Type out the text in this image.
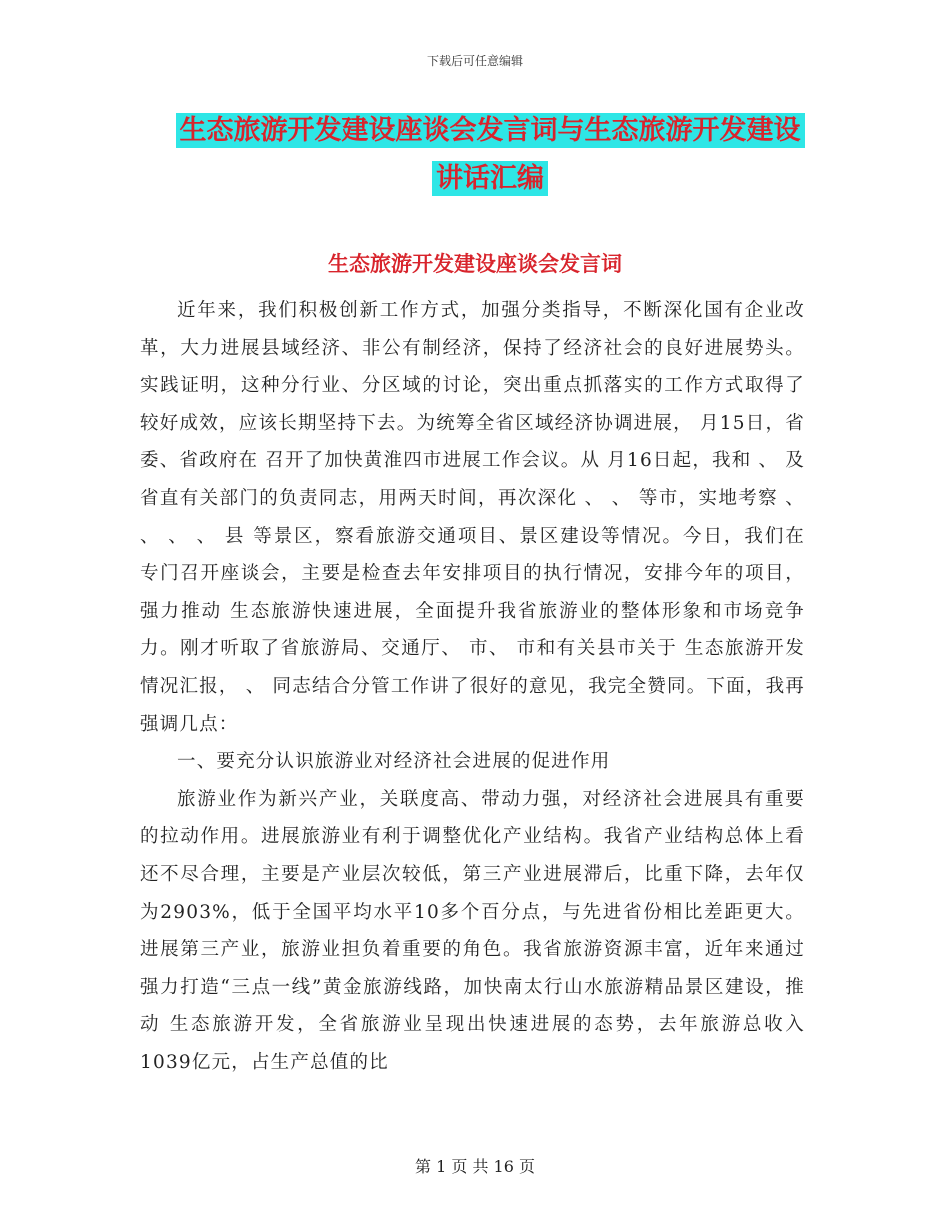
下载后可任意编辑
生态旅游开发建设座谈会发言词与生态旅游开发建设
讲话汇编
生态旅游开发建设座谈会发言词

近年来，我们积极创新工作方式，加强分类指导，不断深化国有企业改革，大力进展县域经济、非公有制经济，保持了经济社会的良好进展势头。实践证明，这种分行业、分区域的讨论，突出重点抓落实的工作方式取得了较好成效，应该长期坚持下去。为统筹全省区域经济协调进展， 月15日，省委、省政府在 召开了加快黄淮四市进展工作会议。从 月16日起，我和 、 及省直有关部门的负责同志，用两天时间，再次深化 、 、 等市，实地考察 、 、 、 、 县 等景区，察看旅游交通项目、景区建设等情况。今日，我们在 专门召开座谈会，主要是检查去年安排项目的执行情况，安排今年的项目，强力推动 生态旅游快速进展，全面提升我省旅游业的整体形象和市场竞争力。刚才听取了省旅游局、交通厅、 市、 市和有关县市关于 生态旅游开发情况汇报， 、 同志结合分管工作讲了很好的意见，我完全赞同。下面，我再强调几点：

一、要充分认识旅游业对经济社会进展的促进作用

旅游业作为新兴产业，关联度高、带动力强，对经济社会进展具有重要的拉动作用。进展旅游业有利于调整优化产业结构。我省产业结构总体上看还不尽合理，主要是产业层次较低，第三产业进展滞后，比重下降，去年仅为2903%，低于全国平均水平10多个百分点，与先进省份相比差距更大。进展第三产业，旅游业担负着重要的角色。我省旅游资源丰富，近年来通过强力打造“三点一线”黄金旅游线路，加快南太行山水旅游精品景区建设，推动 生态旅游开发，全省旅游业呈现出快速进展的态势，去年旅游总收入1039亿元，占生产总值的比

第 1 页 共 16 页
